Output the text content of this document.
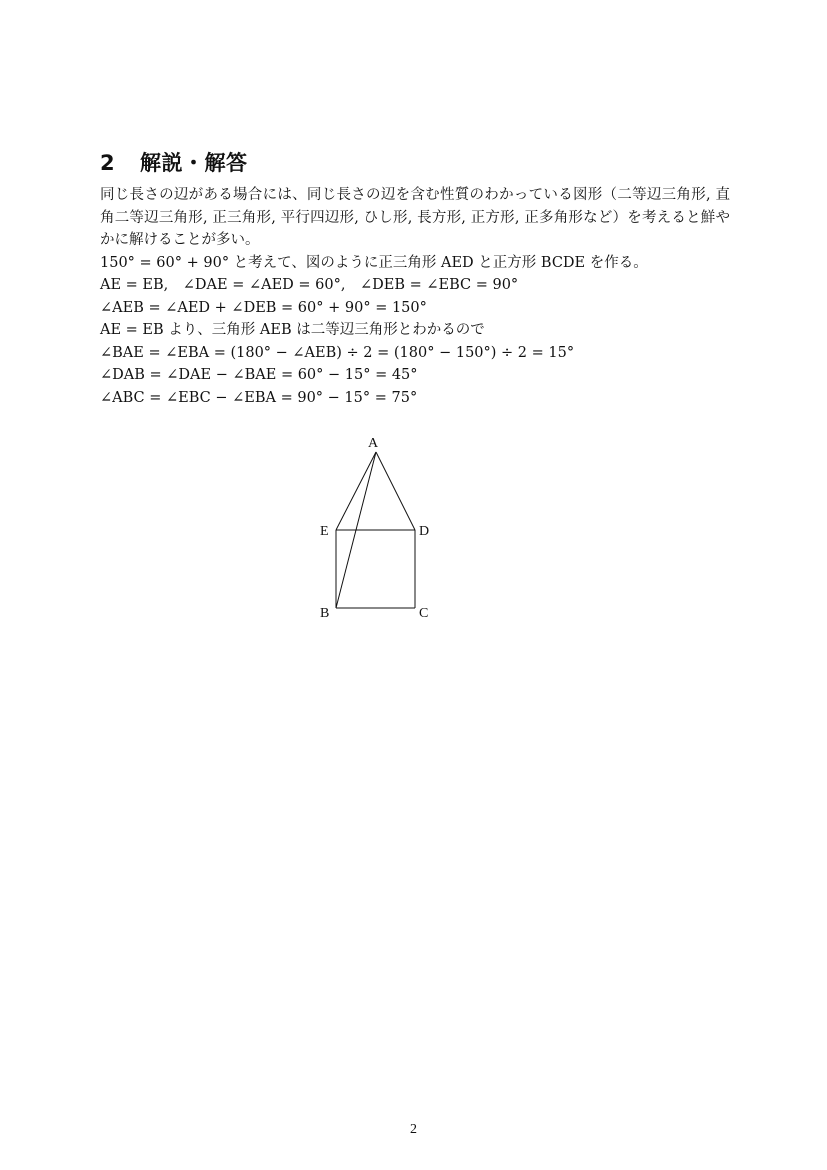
2 解説・解答

同じ長さの辺がある場合には、同じ長さの辺を含む性質のわかっている図形（二等辺三角形, 直角二等辺三角形, 正三角形, 平行四辺形, ひし形, 長方形, 正方形, 正多角形など）を考えると鮮やかに解けることが多い。

150° = 60° + 90° と考えて、図のように正三角形 AED と正方形 BCDE を作る。

AE = EB,　∠DAE = ∠AED = 60°,　∠DEB = ∠EBC = 90°

∠AEB = ∠AED + ∠DEB = 60° + 90° = 150°

AE = EB より、三角形 AEB は二等辺三角形とわかるので

∠BAE = ∠EBA = (180° − ∠AEB) ÷ 2 = (180° − 150°) ÷ 2 = 15°

∠DAB = ∠DAE − ∠BAE = 60° − 15° = 45°

∠ABC = ∠EBC − ∠EBA = 90° − 15° = 75°

A
E	D
B	C
2
